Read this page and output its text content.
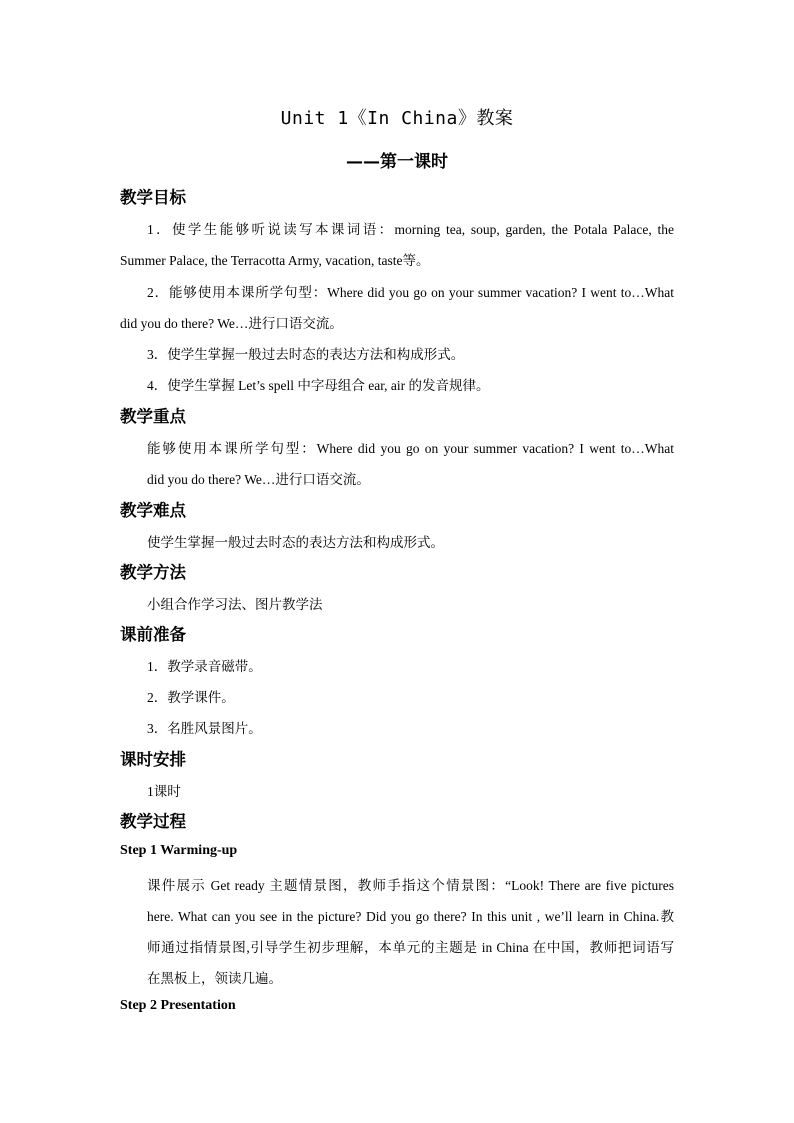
Unit 1《In China》教案
——第一课时
教学目标
1．使学生能够听说读写本课词语：morning tea, soup, garden, the Potala Palace, the
Summer Palace, the Terracotta Army, vacation, taste等。
2．能够使用本课所学句型：Where did you go on your summer vacation? I went to…What
did you do there? We…进行口语交流。
3．使学生掌握一般过去时态的表达方法和构成形式。
4．使学生掌握 Let’s spell 中字母组合 ear, air 的发音规律。
教学重点
能够使用本课所学句型：Where did you go on your summer vacation? I went to…What
did you do there? We…进行口语交流。
教学难点
使学生掌握一般过去时态的表达方法和构成形式。
教学方法
小组合作学习法、图片教学法
课前准备
1．教学录音磁带。
2．教学课件。
3．名胜风景图片。
课时安排
1课时
教学过程
Step 1 Warming-up
课件展示 Get ready 主题情景图，教师手指这个情景图：“Look! There are five pictures
here. What can you see in the picture? Did you go there? In this unit , we’ll learn in China.教
师通过指情景图,引导学生初步理解，本单元的主题是 in China 在中国，教师把词语写
在黑板上，领读几遍。
Step 2 Presentation
